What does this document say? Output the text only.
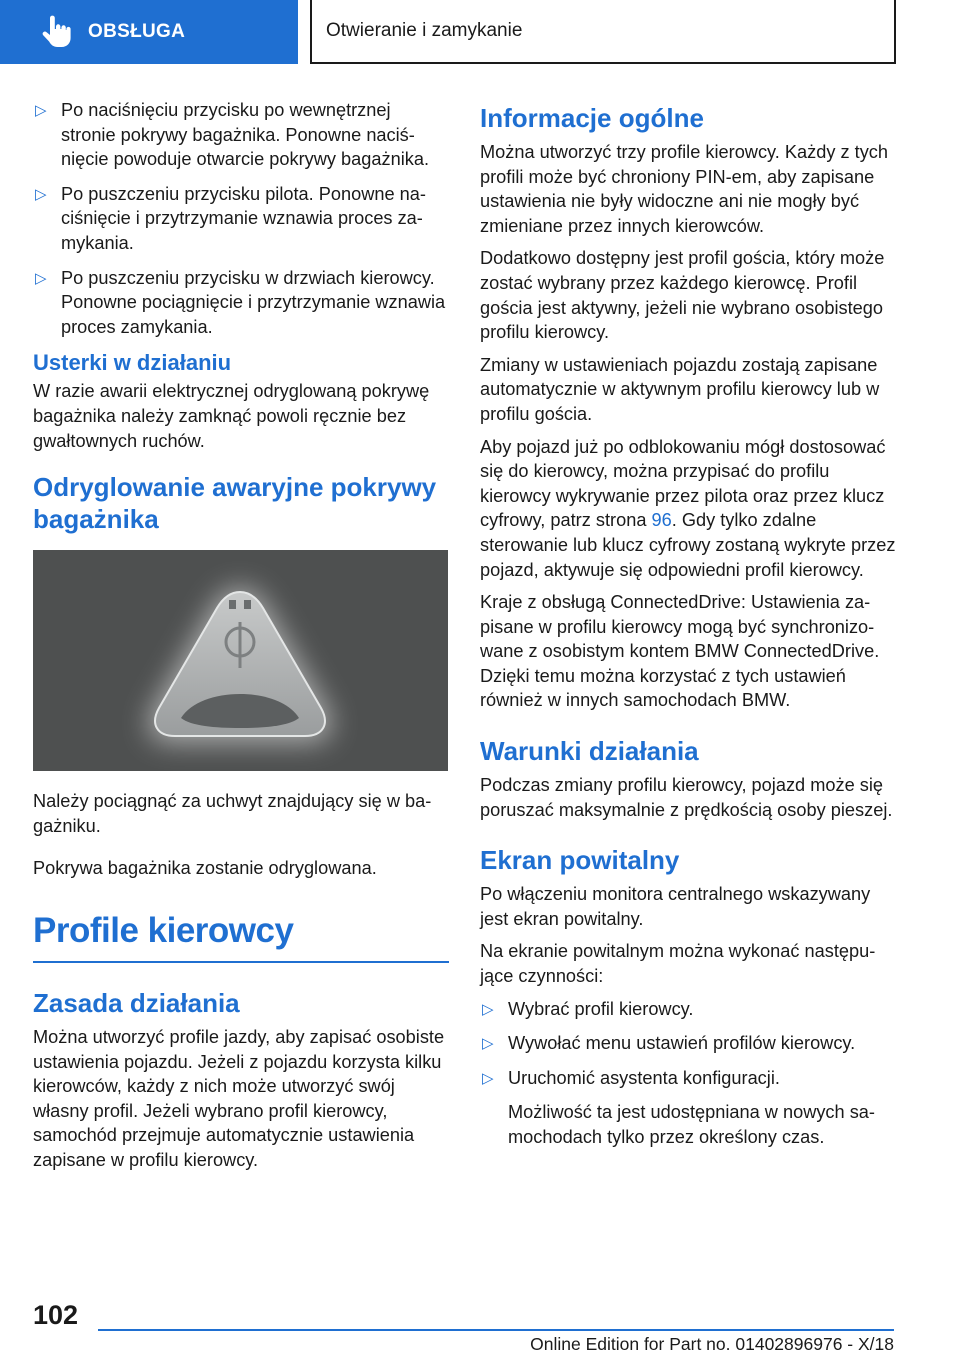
OBSŁUGA	Otwieranie i zamykanie
▷ Po naciśnięciu przycisku po wewnętrznej stronie pokrywy bagażnika. Ponowne naciśnięcie powoduje otwarcie pokrywy bagażnika.
▷ Po puszczeniu przycisku pilota. Ponowne naciśnięcie i przytrzymanie wznawia proces zamykania.
▷ Po puszczeniu przycisku w drzwiach kierowcy. Ponowne pociągnięcie i przytrzymanie wznawia proces zamykania.
Usterki w działaniu

W razie awarii elektrycznej odryglowaną pokrywę bagażnika należy zamknąć powoli ręcznie bez gwałtownych ruchów.

Odryglowanie awaryjne pokrywy bagażnika

Należy pociągnąć za uchwyt znajdujący się w bagażniku.

Pokrywa bagażnika zostanie odryglowana.

Profile kierowcy
Zasada działania

Można utworzyć profile jazdy, aby zapisać osobiste ustawienia pojazdu. Jeżeli z pojazdu korzysta kilku kierowców, każdy z nich może utworzyć swój własny profil. Jeżeli wybrano profil kierowcy, samochód przejmuje automatycznie ustawienia zapisane w profilu kierowcy.

Informacje ogólne

Można utworzyć trzy profile kierowcy. Każdy z tych profili może być chroniony PIN-em, aby zapisane ustawienia nie były widoczne ani nie mogły być zmieniane przez innych kierowców.

Dodatkowo dostępny jest profil gościa, który może zostać wybrany przez każdego kierowcę. Profil gościa jest aktywny, jeżeli nie wybrano osobistego profilu kierowcy.

Zmiany w ustawieniach pojazdu zostają zapisane automatycznie w aktywnym profilu kierowcy lub w profilu gościa.

Aby pojazd już po odblokowaniu mógł dostosować się do kierowcy, można przypisać do profilu kierowcy wykrywanie przez pilota oraz przez klucz cyfrowy, patrz strona 96. Gdy tylko zdalne sterowanie lub klucz cyfrowy zostaną wykryte przez pojazd, aktywuje się odpowiedni profil kierowcy.

Kraje z obsługą ConnectedDrive: Ustawienia zapisane w profilu kierowcy mogą być synchronizowane z osobistym kontem BMW ConnectedDrive. Dzięki temu można korzystać z tych ustawień również w innych samochodach BMW.

Warunki działania

Podczas zmiany profilu kierowcy, pojazd może się poruszać maksymalnie z prędkością osoby pieszej.

Ekran powitalny

Po włączeniu monitora centralnego wskazywany jest ekran powitalny.

Na ekranie powitalnym można wykonać następujące czynności:

▷ Wybrać profil kierowcy.
▷ Wywołać menu ustawień profilów kierowcy.
▷ Uruchomić asystenta konfiguracji.
Możliwość ta jest udostępniana w nowych samochodach tylko przez określony czas.
102
Online Edition for Part no. 01402896976 - X/18
